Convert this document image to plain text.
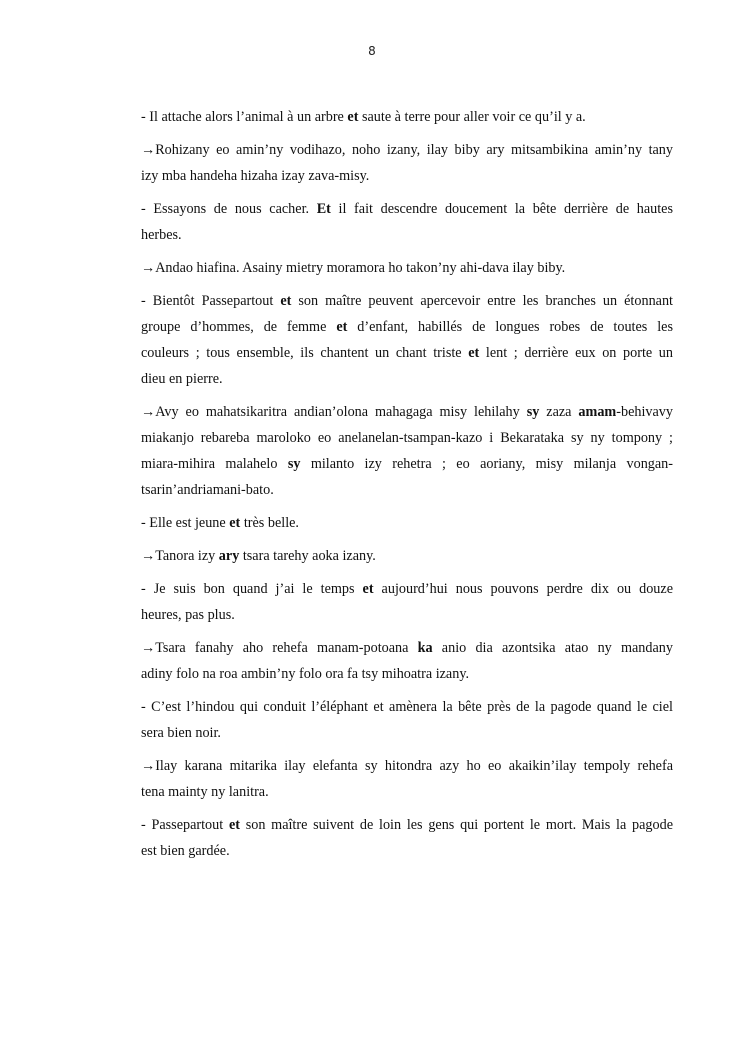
8
- Il attache alors l’animal à un arbre et saute à terre pour aller voir ce qu’il y a.
→Rohizany eo amin’ny vodihazo, noho izany, ilay biby ary mitsambikina amin’ny tany
izy mba handeha hizaha izay zava-misy.
- Essayons de nous cacher. Et il fait descendre doucement la bête derrière de hautes
herbes.
→Andao hiafina. Asainy mietry moramora ho takon’ny ahi-dava ilay biby.
- Bientôt Passepartout et son maître peuvent apercevoir entre les branches un étonnant
groupe d’hommes, de femme et d’enfant, habillés de longues robes de toutes les
couleurs ; tous ensemble, ils chantent un chant triste et lent ; derrière eux on porte un
dieu en pierre.
→Avy eo mahatsikaritra andian’olona mahagaga misy lehilahy sy zaza amam-behivavy
miakanjo rebareba maroloko eo anelanelan-tsampan-kazo i Bekarataka sy ny tompony ;
miara-mihira malahelo sy milanto izy rehetra ; eo aoriany, misy milanja vongan-
tsarin’andriamani-bato.
- Elle est jeune et très belle.
→Tanora izy ary tsara tarehy aoka izany.
- Je suis bon quand j’ai le temps et aujourd’hui nous pouvons perdre dix ou douze
heures, pas plus.
→Tsara fanahy aho rehefa manam-potoana ka anio dia azontsika atao ny mandany
adiny folo na roa ambin’ny folo ora fa tsy mihoatra izany.
- C’est l’hindou qui conduit l’éléphant et amènera la bête près de la pagode quand le ciel
sera bien noir.
→Ilay karana mitarika ilay elefanta sy hitondra azy ho eo akaikin’ilay tempoly rehefa
tena mainty ny lanitra.
- Passepartout et son maître suivent de loin les gens qui portent le mort. Mais la pagode
est bien gardée.
